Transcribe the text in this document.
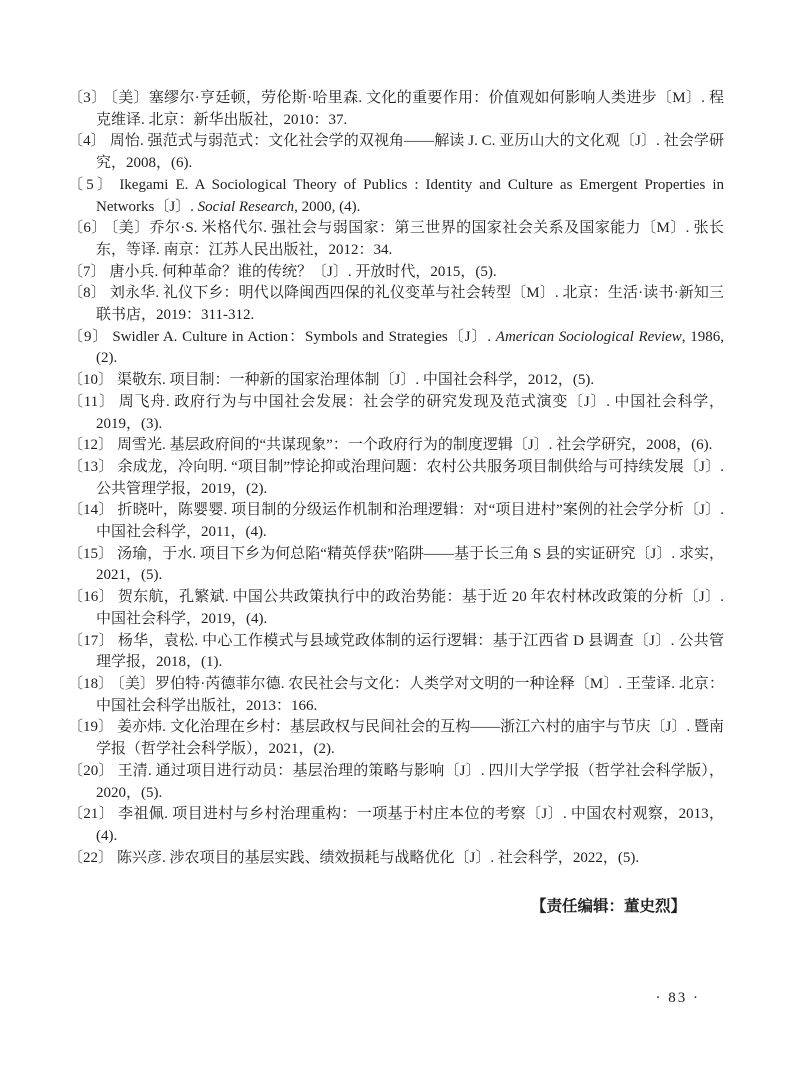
〔3〕 〔美〕塞缪尔·亨廷顿，劳伦斯·哈里森. 文化的重要作用：价值观如何影响人类进步〔M〕. 程克维译. 北京：新华出版社，2010：37.
〔4〕 周怡. 强范式与弱范式：文化社会学的双视角——解读 J. C. 亚历山大的文化观〔J〕. 社会学研究，2008，(6).
〔5〕 Ikegami E. A Sociological Theory of Publics : Identity and Culture as Emergent Properties in Networks〔J〕. Social Research, 2000, (4).
〔6〕 〔美〕乔尔·S. 米格代尔. 强社会与弱国家：第三世界的国家社会关系及国家能力〔M〕. 张长东，等译. 南京：江苏人民出版社，2012：34.
〔7〕 唐小兵. 何种革命？谁的传统？〔J〕. 开放时代，2015，(5).
〔8〕 刘永华. 礼仪下乡：明代以降闽西四保的礼仪变革与社会转型〔M〕. 北京：生活·读书·新知三联书店，2019：311-312.
〔9〕 Swidler A. Culture in Action：Symbols and Strategies〔J〕. American Sociological Review, 1986, (2).
〔10〕 渠敬东. 项目制：一种新的国家治理体制〔J〕. 中国社会科学，2012，(5).
〔11〕 周飞舟. 政府行为与中国社会发展：社会学的研究发现及范式演变〔J〕. 中国社会科学，2019，(3).
〔12〕 周雪光. 基层政府间的“共谋现象”：一个政府行为的制度逻辑〔J〕. 社会学研究，2008，(6).
〔13〕 余成龙，冷向明. “项目制”悖论抑或治理问题：农村公共服务项目制供给与可持续发展〔J〕. 公共管理学报，2019，(2).
〔14〕 折晓叶，陈婴婴. 项目制的分级运作机制和治理逻辑：对“项目进村”案例的社会学分析〔J〕. 中国社会科学，2011，(4).
〔15〕 汤瑜，于水. 项目下乡为何总陷“精英俘获”陷阱——基于长三角 S 县的实证研究〔J〕. 求实，2021，(5).
〔16〕 贺东航，孔繁斌. 中国公共政策执行中的政治势能：基于近 20 年农村林改政策的分析〔J〕. 中国社会科学，2019，(4).
〔17〕 杨华，袁松. 中心工作模式与县域党政体制的运行逻辑：基于江西省 D 县调查〔J〕. 公共管理学报，2018，(1).
〔18〕 〔美〕罗伯特·芮德菲尔德. 农民社会与文化：人类学对文明的一种诠释〔M〕. 王莹译. 北京：中国社会科学出版社，2013：166.
〔19〕 姜亦炜. 文化治理在乡村：基层政权与民间社会的互构——浙江六村的庙宇与节庆〔J〕. 暨南学报（哲学社会科学版），2021，(2).
〔20〕 王清. 通过项目进行动员：基层治理的策略与影响〔J〕. 四川大学学报（哲学社会科学版），2020，(5).
〔21〕 李祖佩. 项目进村与乡村治理重构：一项基于村庄本位的考察〔J〕. 中国农村观察，2013，(4).
〔22〕 陈兴彦. 涉农项目的基层实践、绩效损耗与战略优化〔J〕. 社会科学，2022，(5).
【责任编辑：董史烈】
· 83 ·
